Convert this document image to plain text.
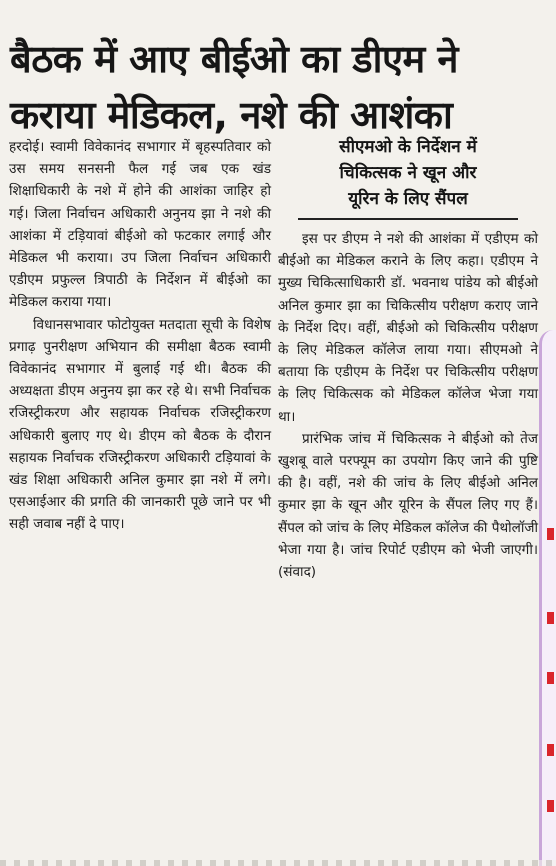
बैठक में आए बीईओ का डीएम ने
कराया मेडिकल, नशे की आशंका

हरदोई। स्वामी विवेकानंद सभागार में बृहस्पतिवार को उस समय सनसनी फैल गई जब एक खंड शिक्षाधिकारी के नशे में होने की आशंका जाहिर हो गई। जिला निर्वाचन अधिकारी अनुनय झा ने नशे की आशंका में टड़ियावां बीईओ को फटकार लगाई और मेडिकल भी कराया। उप जिला निर्वाचन अधिकारी एडीएम प्रफुल्ल त्रिपाठी के निर्देशन में बीईओ का मेडिकल कराया गया।

विधानसभावार फोटोयुक्त मतदाता सूची के विशेष प्रगाढ़ पुनरीक्षण अभियान की समीक्षा बैठक स्वामी विवेकानंद सभागार में बुलाई गई थी। बैठक की अध्यक्षता डीएम अनुनय झा कर रहे थे। सभी निर्वाचक रजिस्ट्रीकरण और सहायक निर्वाचक रजिस्ट्रीकरण अधिकारी बुलाए गए थे। डीएम को बैठक के दौरान सहायक निर्वाचक रजिस्ट्रीकरण अधिकारी टड़ियावां के खंड शिक्षा अधिकारी अनिल कुमार झा नशे में लगे। एसआईआर की प्रगति की जानकारी पूछे जाने पर भी सही जवाब नहीं दे पाए।

सीएमओ के निर्देशन में
चिकित्सक ने खून और
यूरिन के लिए सैंपल

इस पर डीएम ने नशे की आशंका में एडीएम को बीईओ का मेडिकल कराने के लिए कहा। एडीएम ने मुख्य चिकित्साधिकारी डॉ. भवनाथ पांडेय को बीईओ अनिल कुमार झा का चिकित्सीय परीक्षण कराए जाने के निर्देश दिए। वहीं, बीईओ को चिकित्सीय परीक्षण के लिए मेडिकल कॉलेज लाया गया। सीएमओ ने बताया कि एडीएम के निर्देश पर चिकित्सीय परीक्षण के लिए चिकित्सक को मेडिकल कॉलेज भेजा गया था।

प्रारंभिक जांच में चिकित्सक ने बीईओ को तेज खुशबू वाले परफ्यूम का उपयोग किए जाने की पुष्टि की है। वहीं, नशे की जांच के लिए बीईओ अनिल कुमार झा के खून और यूरिन के सैंपल लिए गए हैं। सैंपल को जांच के लिए मेडिकल कॉलेज की पैथोलॉजी भेजा गया है। जांच रिपोर्ट एडीएम को भेजी जाएगी। (संवाद)
